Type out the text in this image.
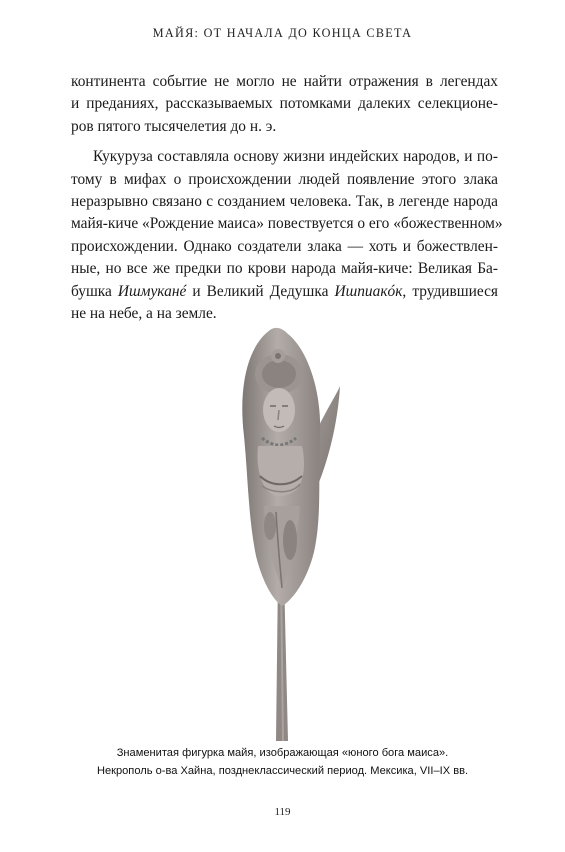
МАЙЯ: ОТ НАЧАЛА ДО КОНЦА СВЕТА
континента событие не могло не найти отражения в легендах
и преданиях, рассказываемых потомками далеких селекционе-
ров пятого тысячелетия до н. э.
Кукуруза составляла основу жизни индейских народов, и по-
тому в мифах о происхождении людей появление этого злака
неразрывно связано с созданием человека. Так, в легенде народа
майя-киче «Рождение маиса» повествуется о его «божественном»
происхождении. Однако создатели злака — хоть и божествлен-
ные, но все же предки по крови народа майя-киче: Великая Ба-
бушка Ишмуканé и Великий Дедушка Ишпиакóк, трудившиеся
не на небе, а на земле.
Знаменитая фигурка майя, изображающая «юного бога маиса».
Некрополь о-ва Хайна, позднеклассический период. Мексика, VII–IX вв.
119
